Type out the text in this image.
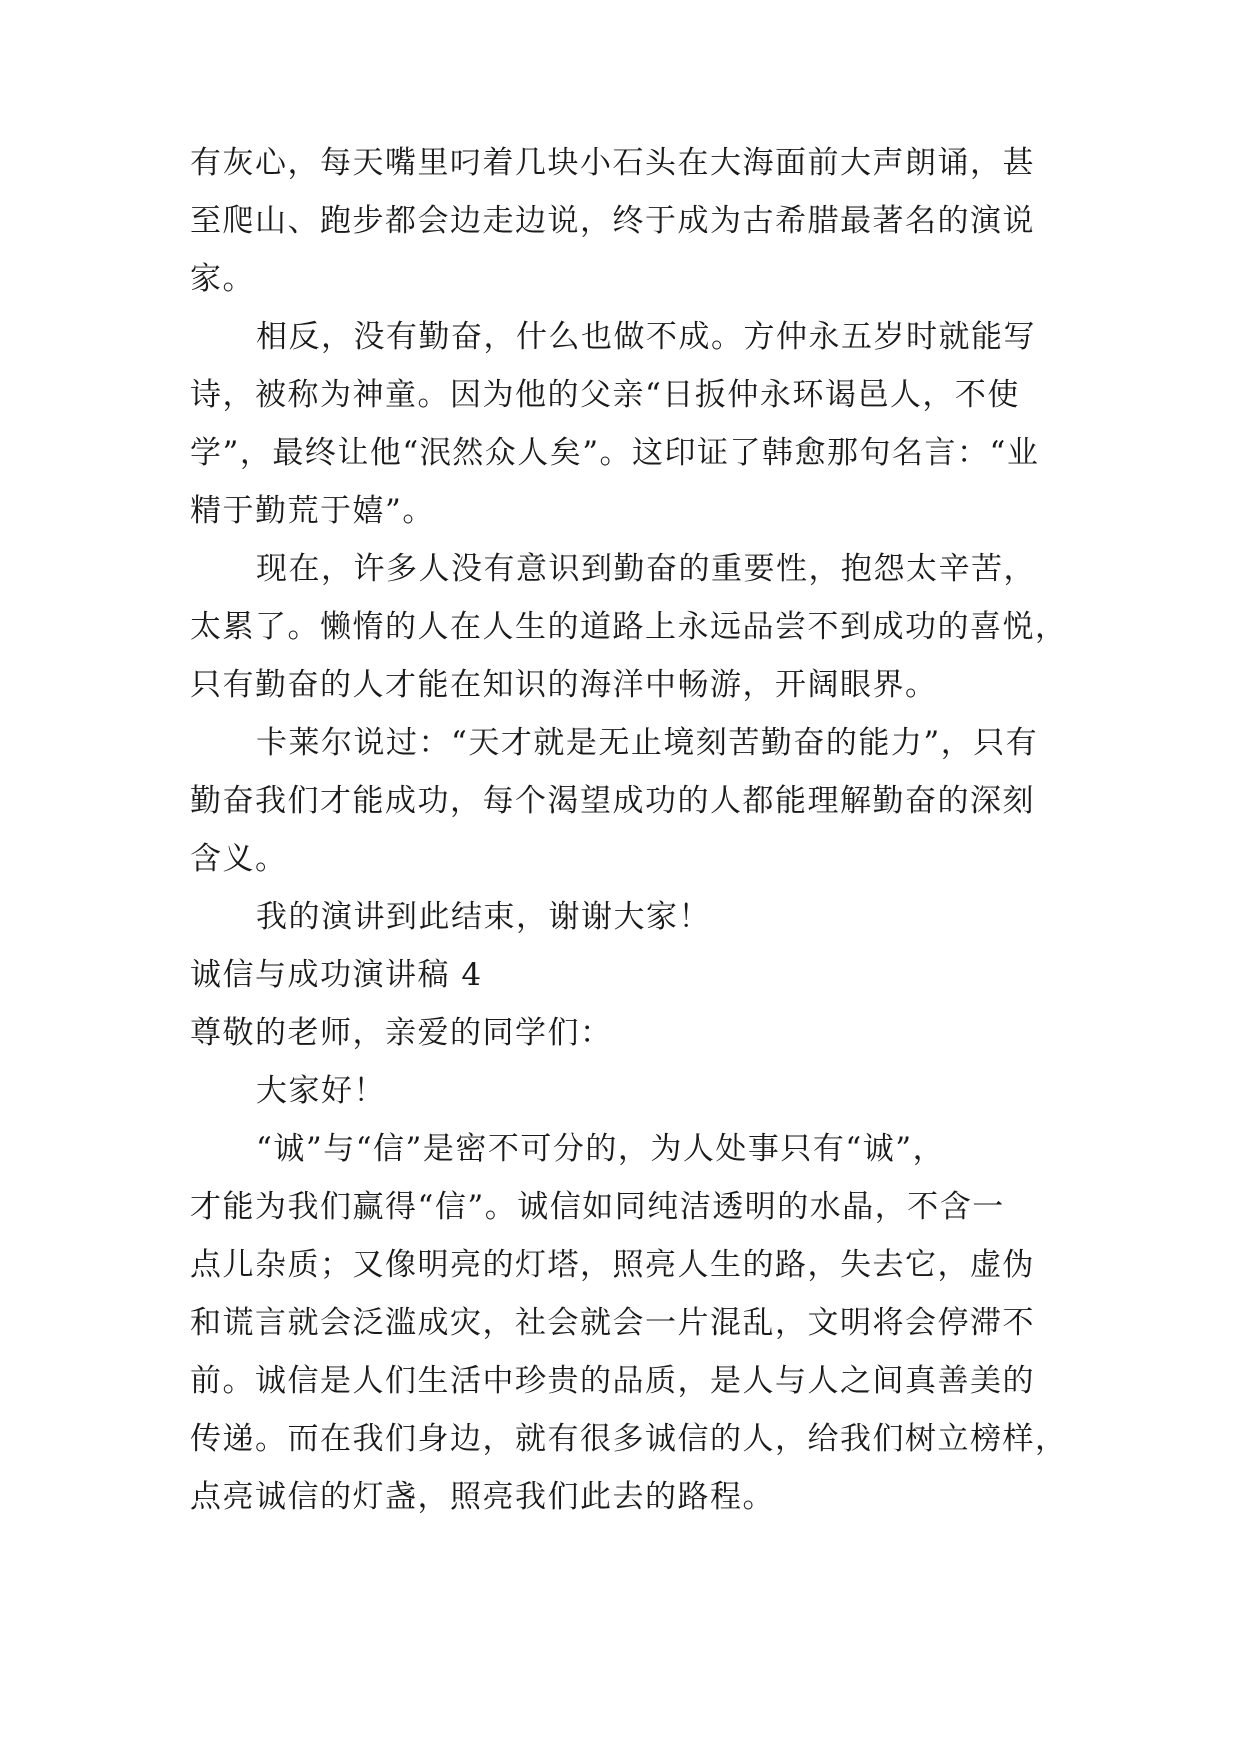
有灰心，每天嘴里叼着几块小石头在大海面前大声朗诵，甚
至爬山、跑步都会边走边说，终于成为古希腊最著名的演说
家。
相反，没有勤奋，什么也做不成。方仲永五岁时就能写
诗，被称为神童。因为他的父亲“日扳仲永环谒邑人，不使
学”，最终让他“泯然众人矣”。这印证了韩愈那句名言：“业
精于勤荒于嬉”。
现在，许多人没有意识到勤奋的重要性，抱怨太辛苦，
太累了。懒惰的人在人生的道路上永远品尝不到成功的喜悦，
只有勤奋的人才能在知识的海洋中畅游，开阔眼界。
卡莱尔说过：“天才就是无止境刻苦勤奋的能力”，只有
勤奋我们才能成功，每个渴望成功的人都能理解勤奋的深刻
含义。
我的演讲到此结束，谢谢大家！
诚信与成功演讲稿 4
尊敬的老师，亲爱的同学们：
大家好！
“诚”与“信”是密不可分的，为人处事只有“诚”，
才能为我们赢得“信”。诚信如同纯洁透明的水晶，不含一
点儿杂质；又像明亮的灯塔，照亮人生的路，失去它，虚伪
和谎言就会泛滥成灾，社会就会一片混乱，文明将会停滞不
前。诚信是人们生活中珍贵的品质，是人与人之间真善美的
传递。而在我们身边，就有很多诚信的人，给我们树立榜样，
点亮诚信的灯盏，照亮我们此去的路程。
